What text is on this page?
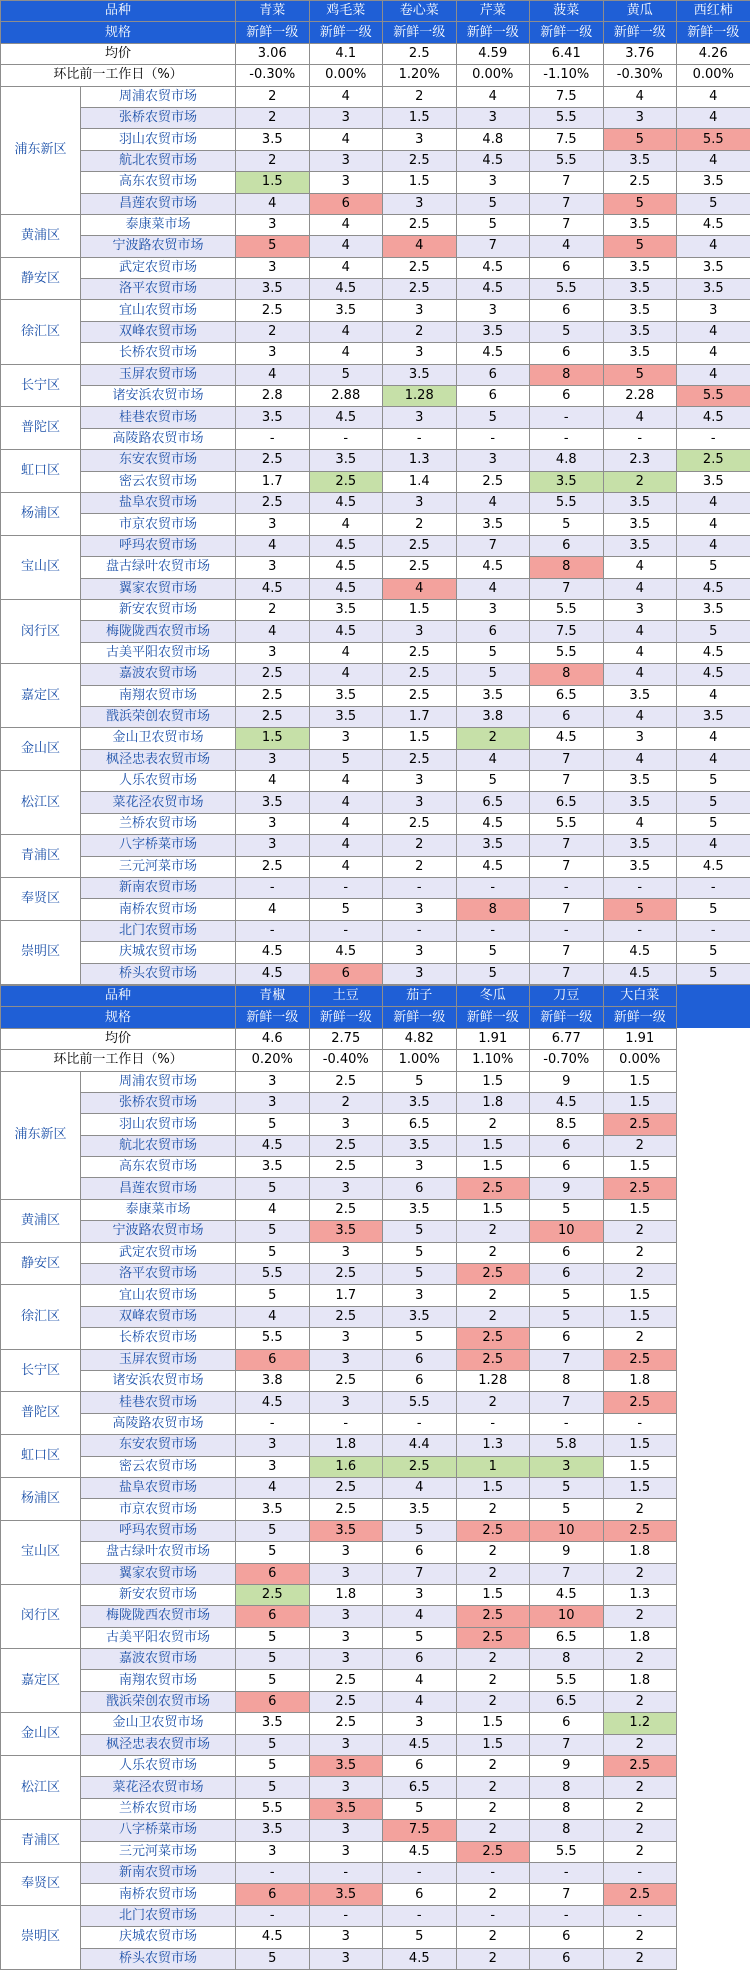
品种		青菜	鸡毛菜	卷心菜	芹菜	菠菜	黄瓜	西红柿
规格		新鲜一级	新鲜一级	新鲜一级	新鲜一级	新鲜一级	新鲜一级	新鲜一级
均价		3.06	4.1	2.5	4.59	6.41	3.76	4.26
环比前一工作日（%）		-0.30%	0.00%	1.20%	0.00%	-1.10%	-0.30%	0.00%
浦东新区	周浦农贸市场	2	4	2	4	7.5	4	4
	张桥农贸市场	2	3	1.5	3	5.5	3	4
	羽山农贸市场	3.5	4	3	4.8	7.5	5	5.5
	航北农贸市场	2	3	2.5	4.5	5.5	3.5	4
	高东农贸市场	1.5	3	1.5	3	7	2.5	3.5
	昌莲农贸市场	4	6	3	5	7	5	5
黄浦区	泰康菜市场	3	4	2.5	5	7	3.5	4.5
	宁波路农贸市场	5	4	4	7	4	5	4
静安区	武定农贸市场	3	4	2.5	4.5	6	3.5	3.5
	洛平农贸市场	3.5	4.5	2.5	4.5	5.5	3.5	3.5
徐汇区	宜山农贸市场	2.5	3.5	3	3	6	3.5	3
	双峰农贸市场	2	4	2	3.5	5	3.5	4
	长桥农贸市场	3	4	3	4.5	6	3.5	4
长宁区	玉屏农贸市场	4	5	3.5	6	8	5	4
	诸安浜农贸市场	2.8	2.88	1.28	6	6	2.28	5.5
普陀区	桂巷农贸市场	3.5	4.5	3	5	-	4	4.5
	高陵路农贸市场	-	-	-	-	-	-	-
虹口区	东安农贸市场	2.5	3.5	1.3	3	4.8	2.3	2.5
	密云农贸市场	1.7	2.5	1.4	2.5	3.5	2	3.5
杨浦区	盐阜农贸市场	2.5	4.5	3	4	5.5	3.5	4
	市京农贸市场	3	4	2	3.5	5	3.5	4
宝山区	呼玛农贸市场	4	4.5	2.5	7	6	3.5	4
	盘古绿叶农贸市场	3	4.5	2.5	4.5	8	4	5
	翼家农贸市场	4.5	4.5	4	4	7	4	4.5
闵行区	新安农贸市场	2	3.5	1.5	3	5.5	3	3.5
	梅陇陇西农贸市场	4	4.5	3	6	7.5	4	5
	古美平阳农贸市场	3	4	2.5	5	5.5	4	4.5
嘉定区	嘉波农贸市场	2.5	4	2.5	5	8	4	4.5
	南翔农贸市场	2.5	3.5	2.5	3.5	6.5	3.5	4
	戬浜荣创农贸市场	2.5	3.5	1.7	3.8	6	4	3.5
金山区	金山卫农贸市场	1.5	3	1.5	2	4.5	3	4
	枫泾忠表农贸市场	3	5	2.5	4	7	4	4
松江区	人乐农贸市场	4	4	3	5	7	3.5	5
	菜花泾农贸市场	3.5	4	3	6.5	6.5	3.5	5
	兰桥农贸市场	3	4	2.5	4.5	5.5	4	5
青浦区	八字桥菜市场	3	4	2	3.5	7	3.5	4
	三元河菜市场	2.5	4	2	4.5	7	3.5	4.5
奉贤区	新南农贸市场	-	-	-	-	-	-	-
	南桥农贸市场	4	5	3	8	7	5	5
崇明区	北门农贸市场	-	-	-	-	-	-	-
	庆城农贸市场	4.5	4.5	3	5	7	4.5	5
	桥头农贸市场	4.5	6	3	5	7	4.5	5
品种		青椒	土豆	茄子	冬瓜	刀豆	大白菜	
规格		新鲜一级	新鲜一级	新鲜一级	新鲜一级	新鲜一级	新鲜一级	
均价		4.6	2.75	4.82	1.91	6.77	1.91	
环比前一工作日（%）		0.20%	-0.40%	1.00%	1.10%	-0.70%	0.00%	
浦东新区	周浦农贸市场	3	2.5	5	1.5	9	1.5	
	张桥农贸市场	3	2	3.5	1.8	4.5	1.5	
	羽山农贸市场	5	3	6.5	2	8.5	2.5	
	航北农贸市场	4.5	2.5	3.5	1.5	6	2	
	高东农贸市场	3.5	2.5	3	1.5	6	1.5	
	昌莲农贸市场	5	3	6	2.5	9	2.5	
黄浦区	泰康菜市场	4	2.5	3.5	1.5	5	1.5	
	宁波路农贸市场	5	3.5	5	2	10	2	
静安区	武定农贸市场	5	3	5	2	6	2	
	洛平农贸市场	5.5	2.5	5	2.5	6	2	
徐汇区	宜山农贸市场	5	1.7	3	2	5	1.5	
	双峰农贸市场	4	2.5	3.5	2	5	1.5	
	长桥农贸市场	5.5	3	5	2.5	6	2	
长宁区	玉屏农贸市场	6	3	6	2.5	7	2.5	
	诸安浜农贸市场	3.8	2.5	6	1.28	8	1.8	
普陀区	桂巷农贸市场	4.5	3	5.5	2	7	2.5	
	高陵路农贸市场	-	-	-	-	-	-	
虹口区	东安农贸市场	3	1.8	4.4	1.3	5.8	1.5	
	密云农贸市场	3	1.6	2.5	1	3	1.5	
杨浦区	盐阜农贸市场	4	2.5	4	1.5	5	1.5	
	市京农贸市场	3.5	2.5	3.5	2	5	2	
宝山区	呼玛农贸市场	5	3.5	5	2.5	10	2.5	
	盘古绿叶农贸市场	5	3	6	2	9	1.8	
	翼家农贸市场	6	3	7	2	7	2	
闵行区	新安农贸市场	2.5	1.8	3	1.5	4.5	1.3	
	梅陇陇西农贸市场	6	3	4	2.5	10	2	
	古美平阳农贸市场	5	3	5	2.5	6.5	1.8	
嘉定区	嘉波农贸市场	5	3	6	2	8	2	
	南翔农贸市场	5	2.5	4	2	5.5	1.8	
	戬浜荣创农贸市场	6	2.5	4	2	6.5	2	
金山区	金山卫农贸市场	3.5	2.5	3	1.5	6	1.2	
	枫泾忠表农贸市场	5	3	4.5	1.5	7	2	
松江区	人乐农贸市场	5	3.5	6	2	9	2.5	
	菜花泾农贸市场	5	3	6.5	2	8	2	
	兰桥农贸市场	5.5	3.5	5	2	8	2	
青浦区	八字桥菜市场	3.5	3	7.5	2	8	2	
	三元河菜市场	3	3	4.5	2.5	5.5	2	
奉贤区	新南农贸市场	-	-	-	-	-	-	
	南桥农贸市场	6	3.5	6	2	7	2.5	
崇明区	北门农贸市场	-	-	-	-	-	-	
	庆城农贸市场	4.5	3	5	2	6	2	
	桥头农贸市场	5	3	4.5	2	6	2	
